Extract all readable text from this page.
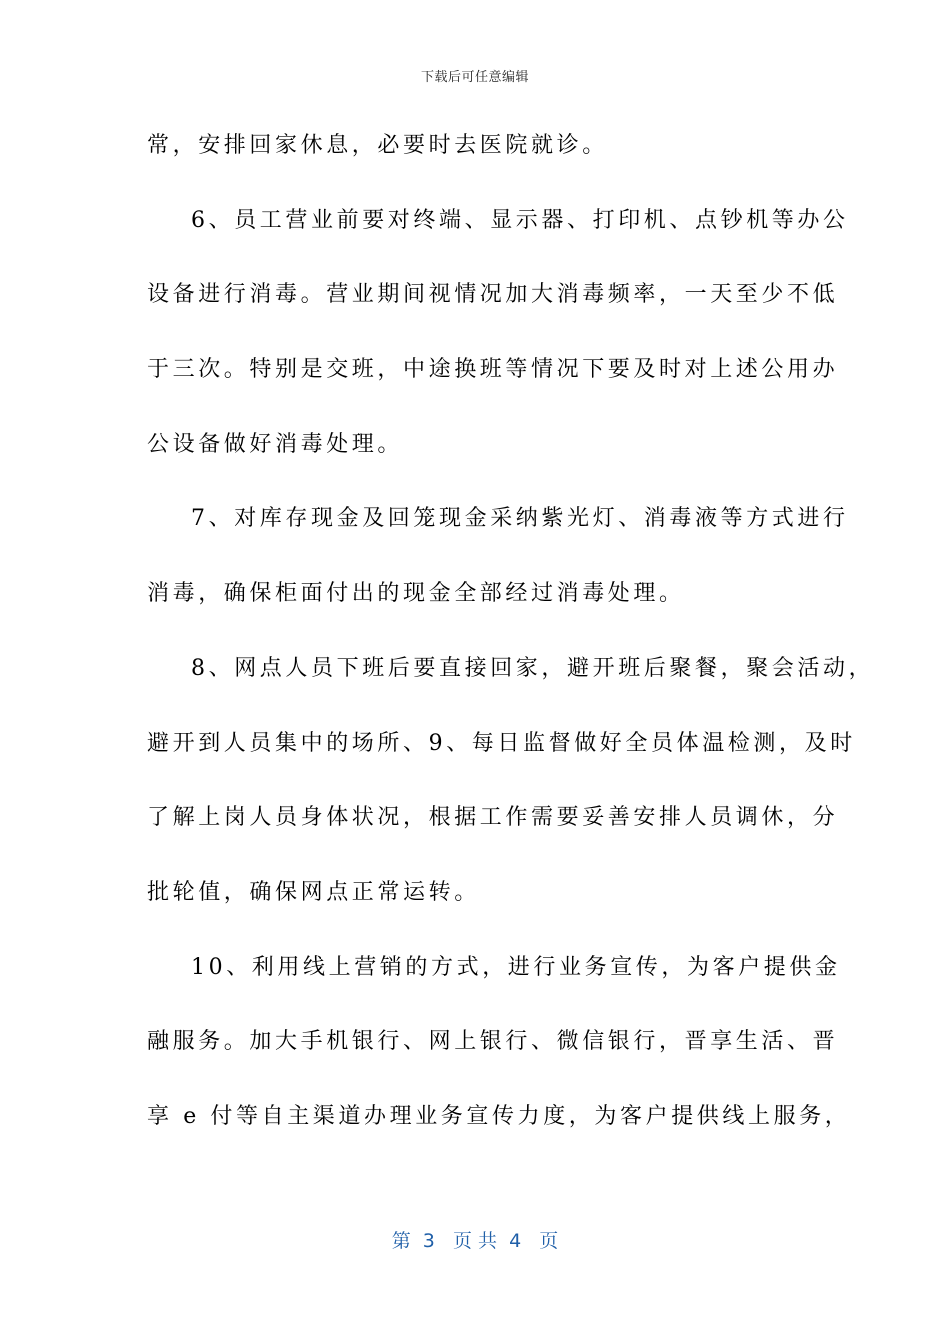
下载后可任意编辑
常，安排回家休息，必要时去医院就诊。
6、员工营业前要对终端、显示器、打印机、点钞机等办公
设备进行消毒。营业期间视情况加大消毒频率，一天至少不低
于三次。特别是交班，中途换班等情况下要及时对上述公用办
公设备做好消毒处理。
7、对库存现金及回笼现金采纳紫光灯、消毒液等方式进行
消毒，确保柜面付出的现金全部经过消毒处理。
8、网点人员下班后要直接回家，避开班后聚餐，聚会活动，
避开到人员集中的场所、9、每日监督做好全员体温检测，及时
了解上岗人员身体状况，根据工作需要妥善安排人员调休，分
批轮值，确保网点正常运转。
10、利用线上营销的方式，进行业务宣传，为客户提供金
融服务。加大手机银行、网上银行、微信银行，晋享生活、晋
享 e 付等自主渠道办理业务宣传力度，为客户提供线上服务，
第  3   页 共  4   页
